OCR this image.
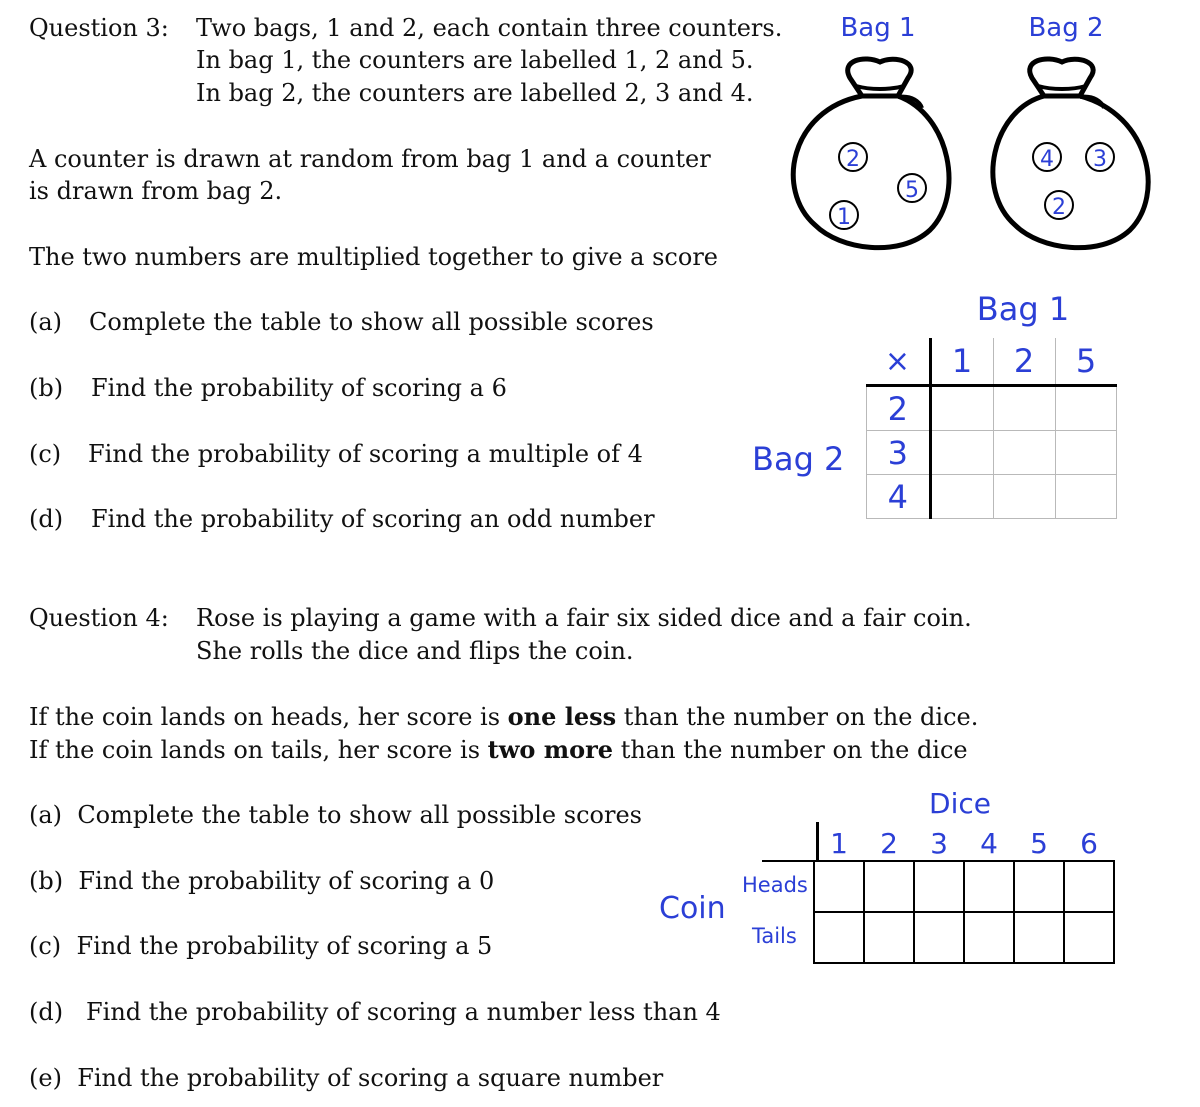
Question 3: Two bags, 1 and 2, each contain three counters.
In bag 1, the counters are labelled 1, 2 and 5.
In bag 2, the counters are labelled 2, 3 and 4.
A counter is drawn at random from bag 1 and a counter
is drawn from bag 2.
The two numbers are multiplied together to give a score
(a) Complete the table to show all possible scores
(b) Find the probability of scoring a 6
(c) Find the probability of scoring a multiple of 4
(d) Find the probability of scoring an odd number
Bag 1
2
5
1
Bag 2
4 3
2
Bag 1
Bag 2
×	1	2	5
2			
3			
4			
Question 4: Rose is playing a game with a fair six sided dice and a fair coin.
She rolls the dice and flips the coin.
If the coin lands on heads, her score is one less than the number on the dice.
If the coin lands on tails, her score is two more than the number on the dice
(a) Complete the table to show all possible scores
(b) Find the probability of scoring a 0
(c) Find the probability of scoring a 5
(d) Find the probability of scoring a number less than 4
(e) Find the probability of scoring a square number
Dice
Coin
1	2	3	4	5	6

Heads
Tails
